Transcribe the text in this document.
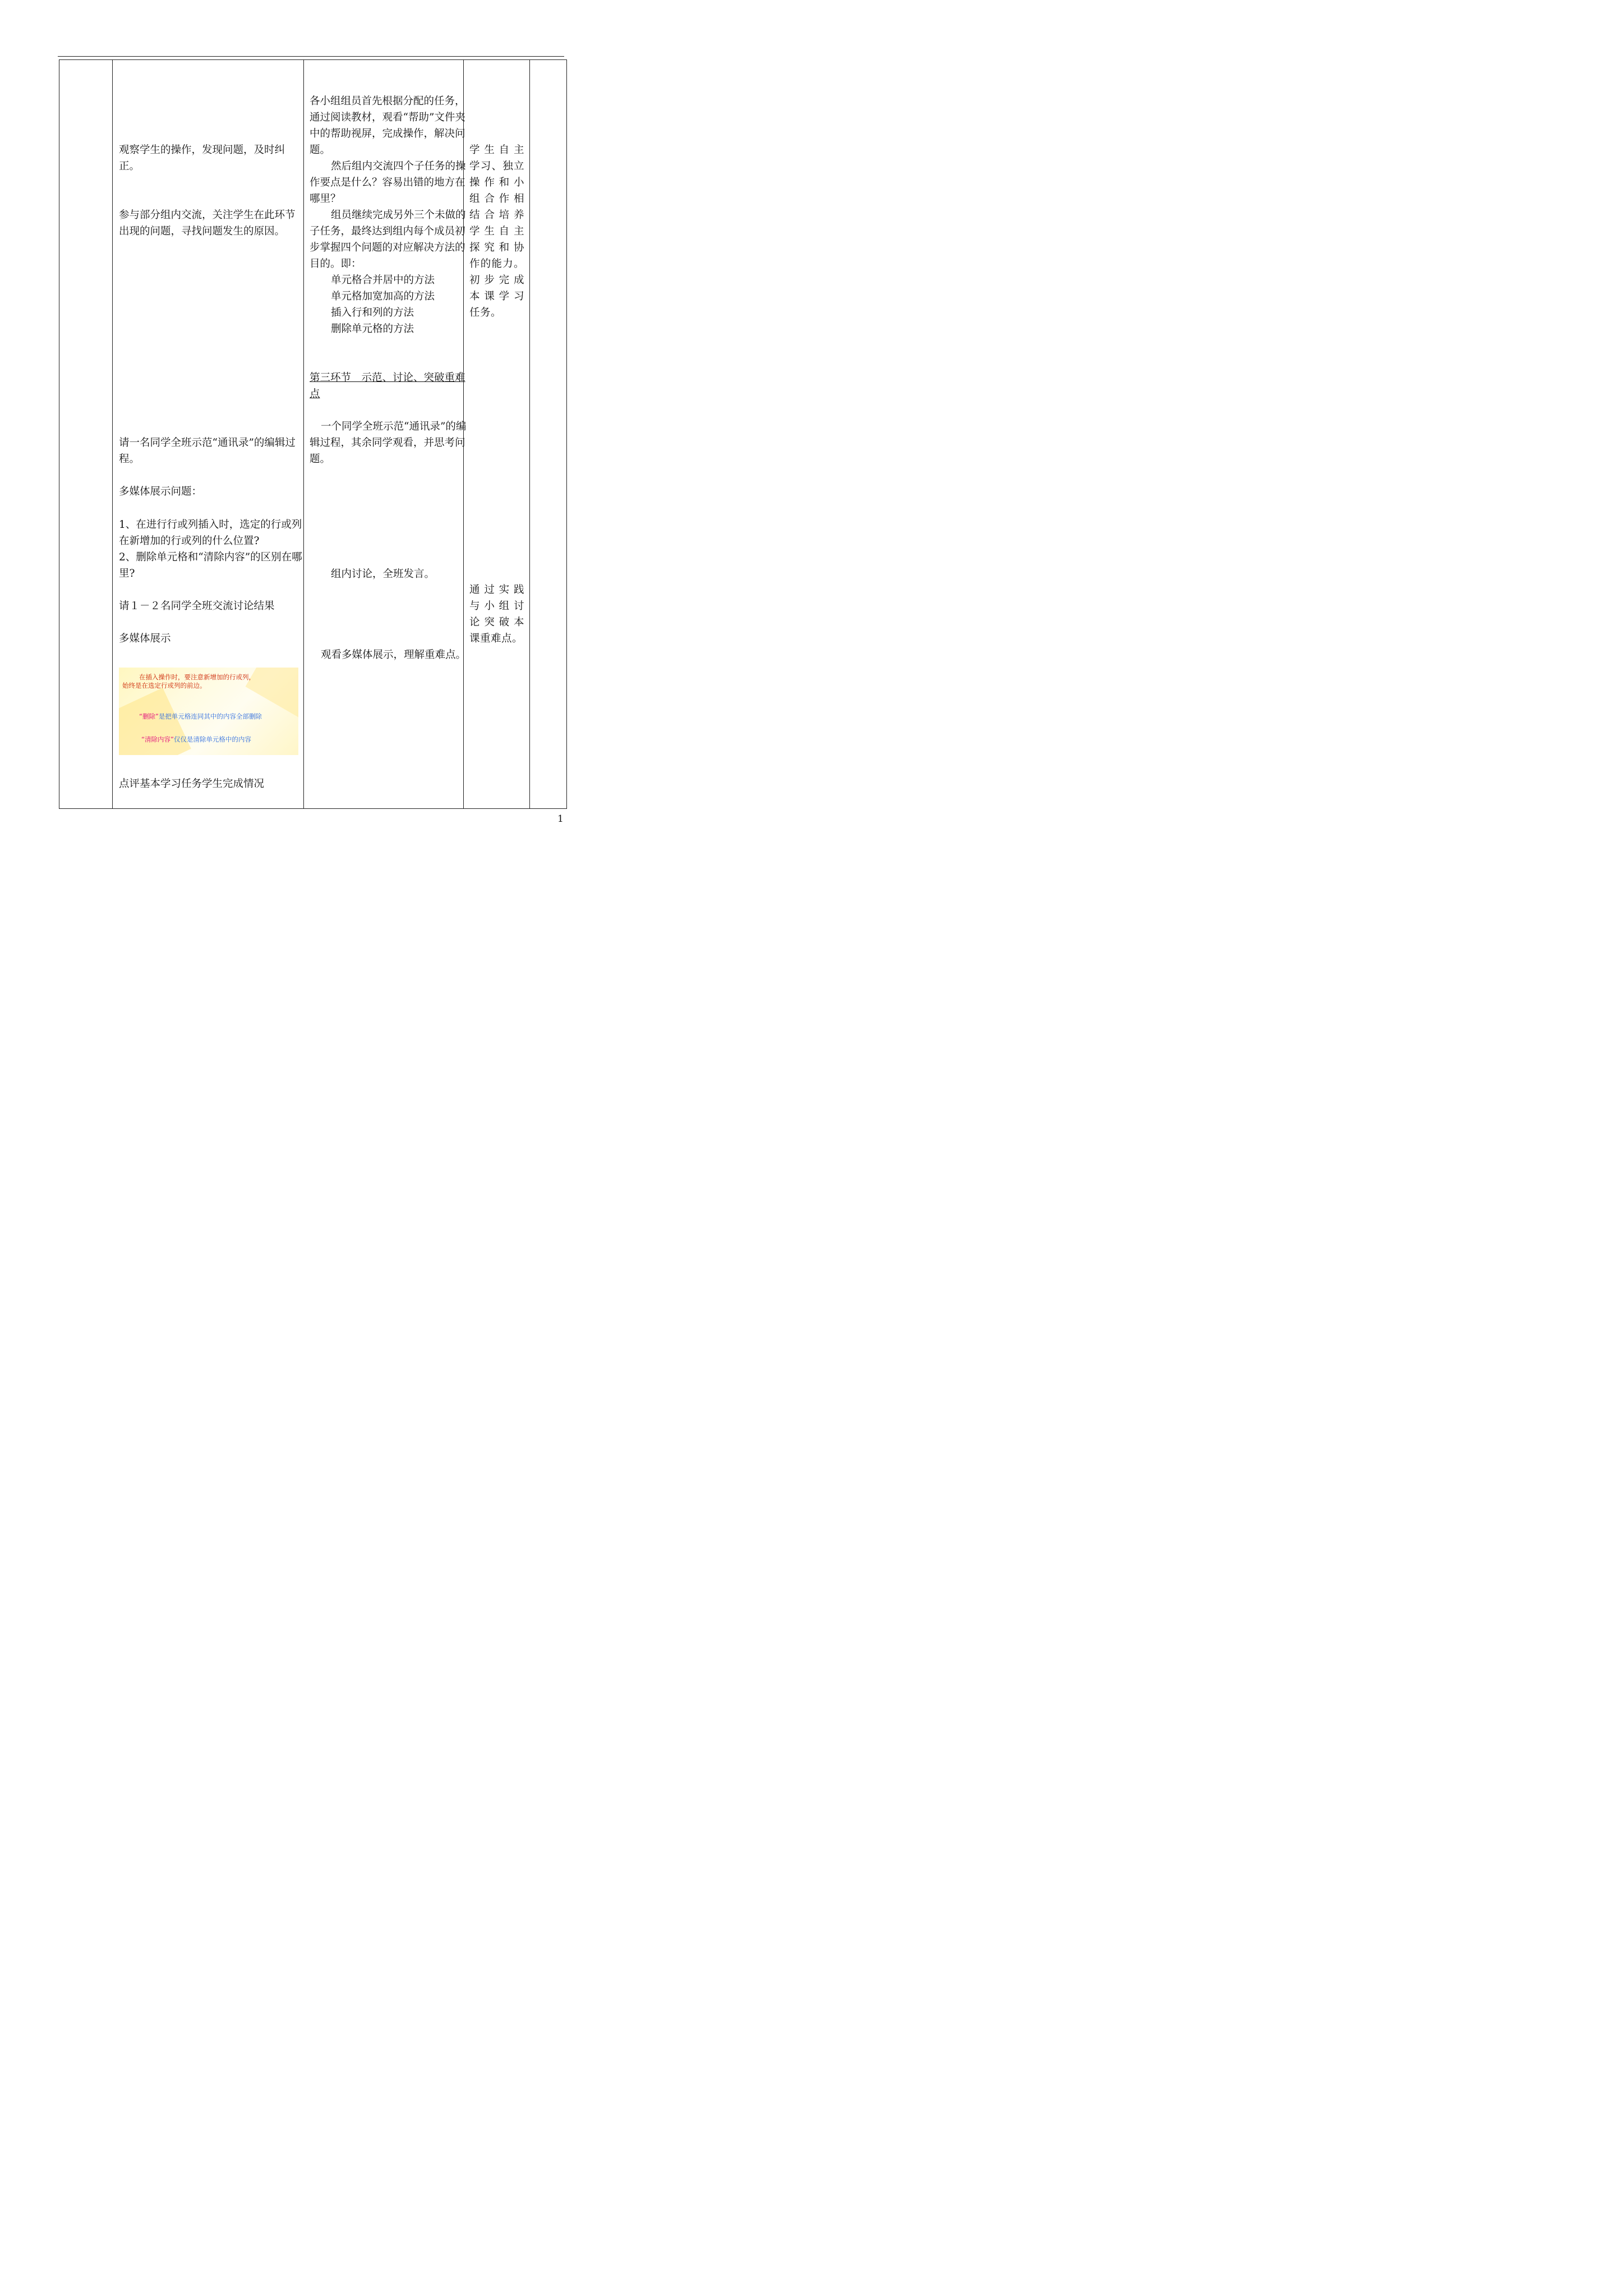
观察学生的操作，发现问题，及时纠正。

参与部分组内交流，关注学生在此环节出现的问题，寻找问题发生的原因。

请一名同学全班示范“通讯录”的编辑过程。

多媒体展示问题：

1、在进行行或列插入时，选定的行或列在新增加的行或列的什么位置?

2、删除单元格和“清除内容”的区别在哪里?

请１－２名同学全班交流讨论结果

多媒体展示

在插入操作时，要注意新增加的行或列，

始终是在选定行或列的前边。

“删除”是把单元格连同其中的内容全部删除

“清除内容”仅仅是清除单元格中的内容

点评基本学习任务学生完成情况

各小组组员首先根据分配的任务，通过阅读教材，观看“帮助”文件夹中的帮助视屏，完成操作，解决问题。

然后组内交流四个子任务的操作要点是什么？容易出错的地方在哪里？

组员继续完成另外三个未做的子任务，最终达到组内每个成员初步掌握四个问题的对应解决方法的目的。即：

单元格合并居中的方法

单元格加宽加高的方法

插入行和列的方法

删除单元格的方法

第三环节　示范、讨论、突破重难点

一个同学全班示范“通讯录”的编辑过程，其余同学观看，并思考问题。

组内讨论，全班发言。

观看多媒体展示，理解重难点。

学生自主
学习、独立
操作和小
组合作相
结合培养
学生自主
探究和协
作的能力。
初步完成
本课学习
任务。
通过实践
与小组讨
论突破本
课重难点。
1
